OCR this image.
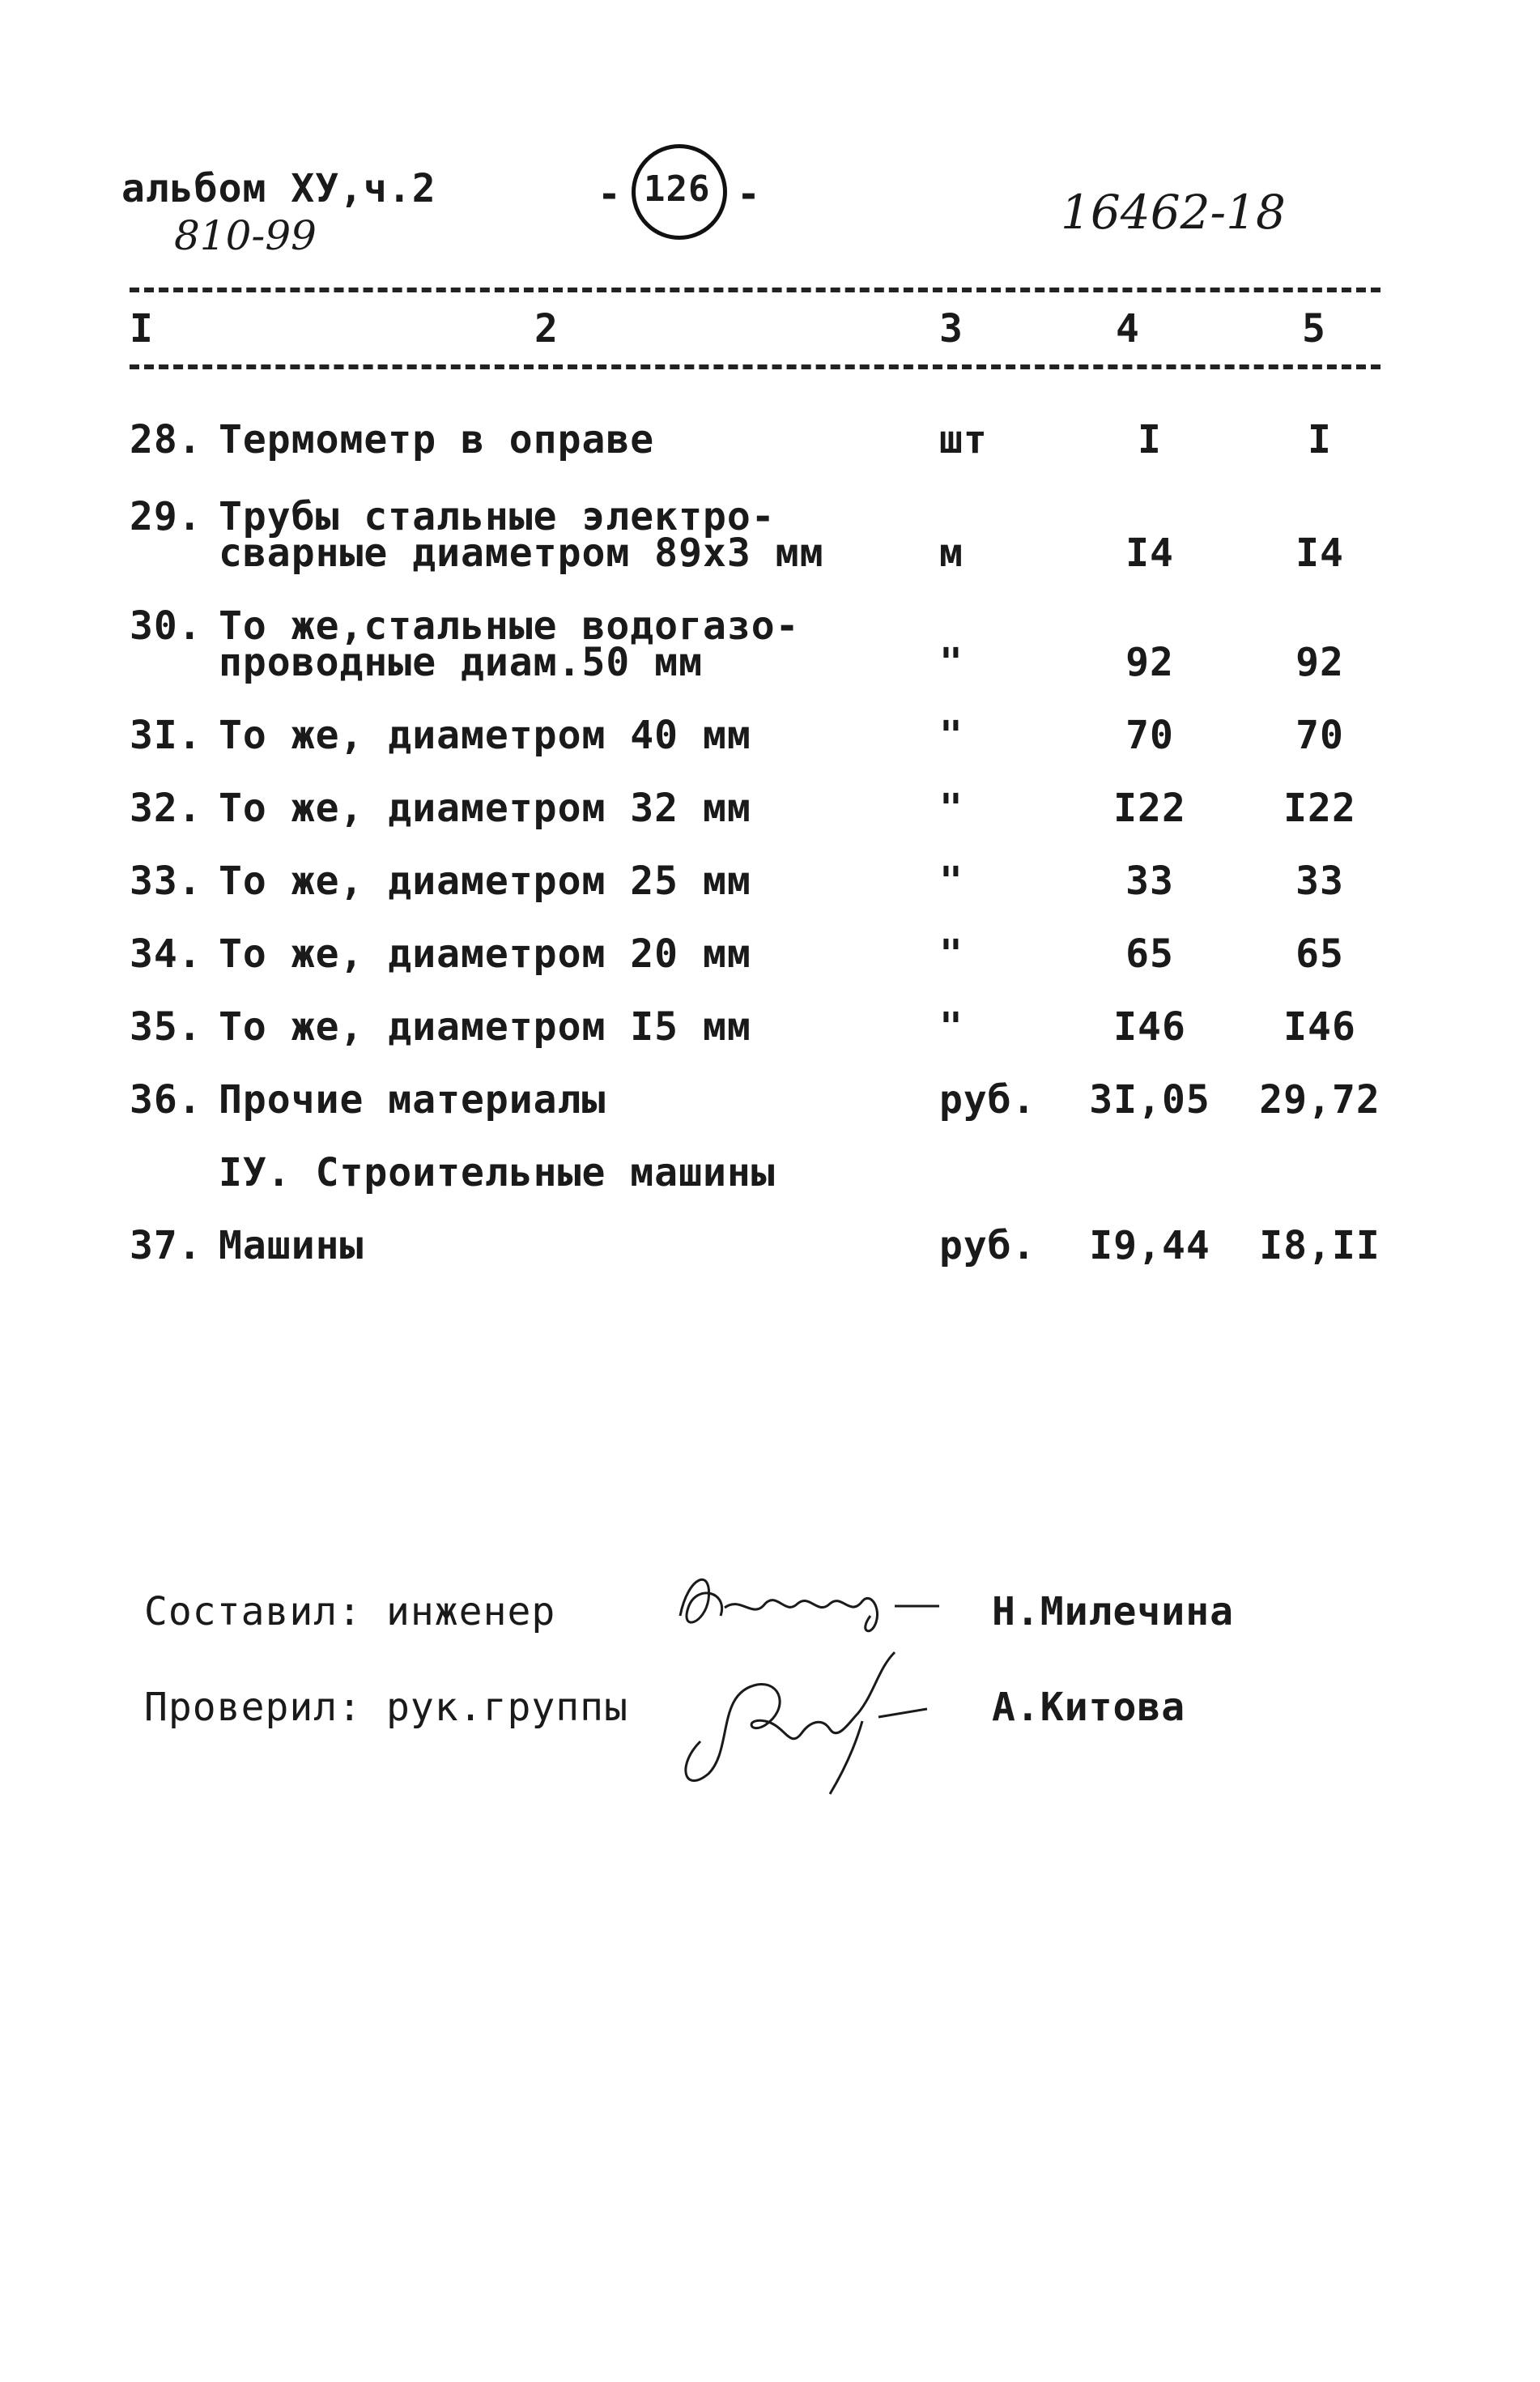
альбом ХУ,ч.2
810-99
- 126 -	16462-18
I	2	3	4	5
28. Термометр в оправе	шт	I	I
29. Трубы стальные электро-
сварные диаметром 89х3 мм	м	I4	I4
30. То же,стальные водогазо-
проводные диам.50 мм	"	92	92
3I. То же, диаметром 40 мм	"	70	70
32. То же, диаметром 32 мм	"	I22	I22
33. То же, диаметром 25 мм	"	33	33
34. То же, диаметром 20 мм	"	65	65
35. То же, диаметром I5 мм	"	I46	I46
36. Прочие материалы	руб. 3I,05 29,72
IУ. Строительные машины
37. Машины	руб. I9,44 I8,II
Составил: инженер	Н.Милечина
Проверил: рук.группы	А.Китова
